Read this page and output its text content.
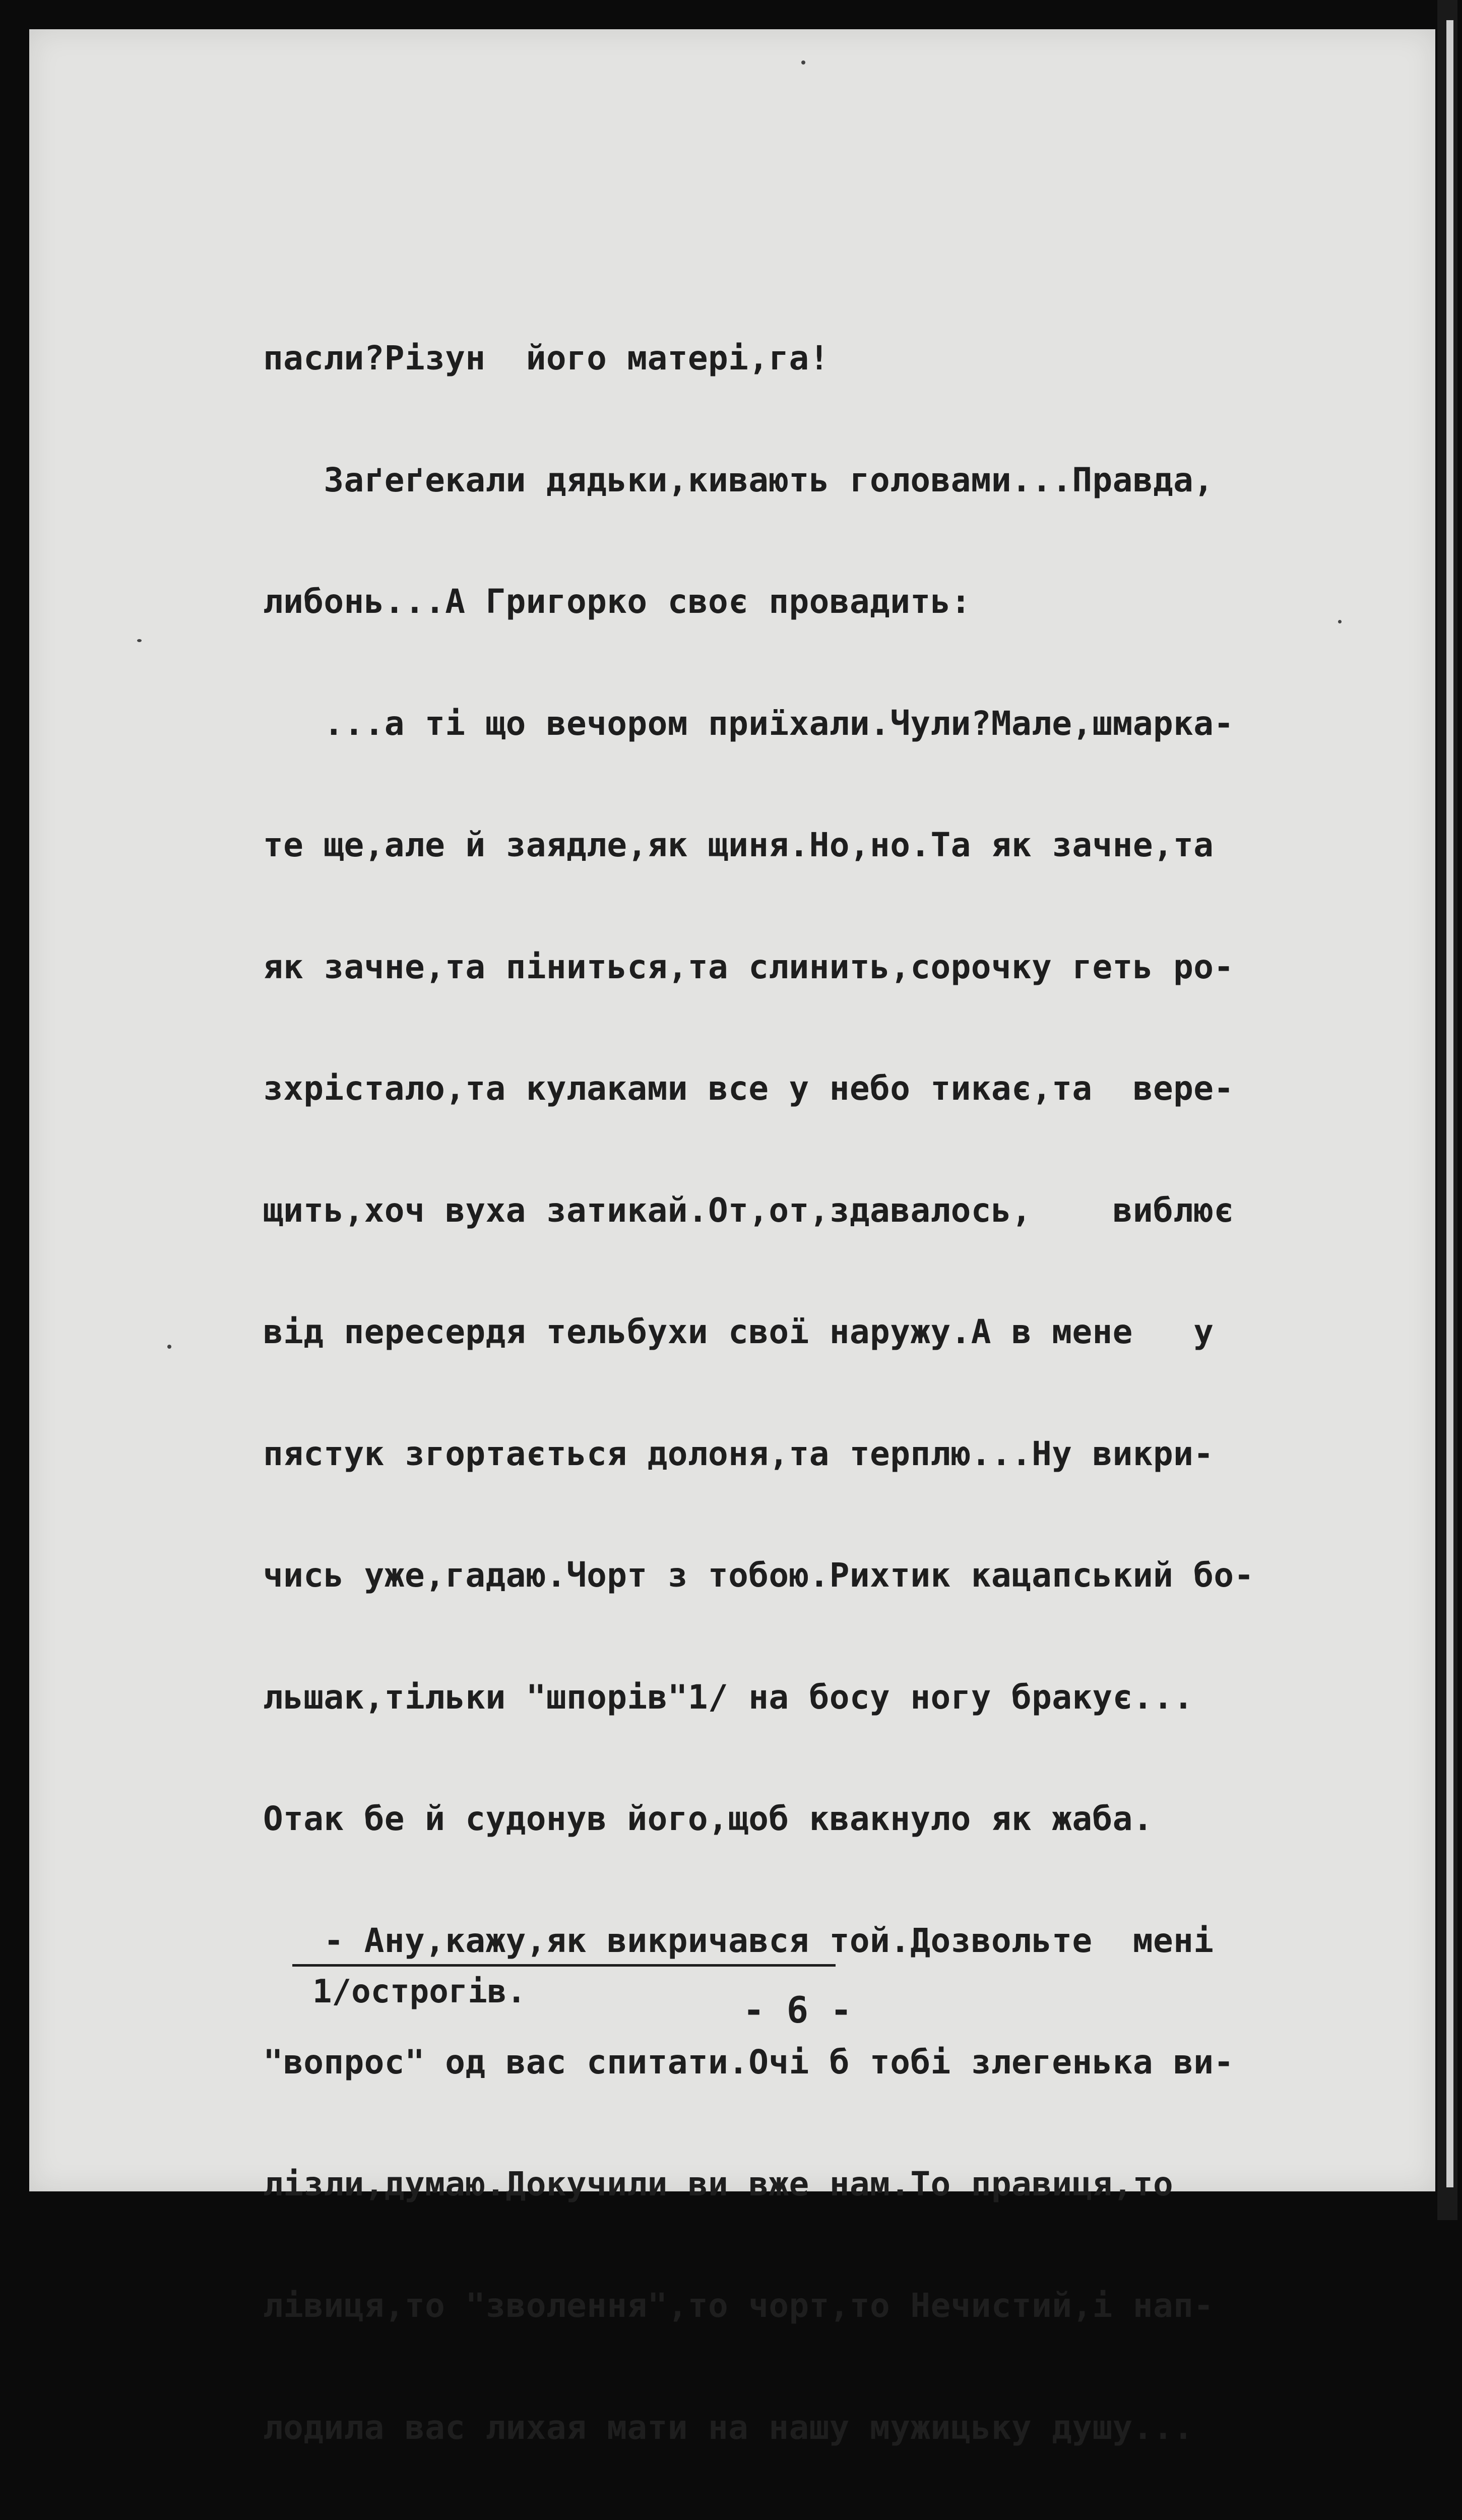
пасли?Різун  його матері,га!

Заґеґекали дядьки,кивають головами...Правда,

либонь...А Григорко своє провадить:

...а ті що вечором приїхали.Чули?Мале,шмарка-

те ще,але й заядле,як щиня.Но,но.Та як зачне,та

як зачне,та піниться,та слинить,сорочку геть ро-

зхрістало,та кулаками все у небо тикає,та  вере-

щить,хоч вуха затикай.От,от,здавалось,    виблює

від пересердя тельбухи свої наружу.А в мене   у

пястук згортається долоня,та терплю...Ну викри-

чись уже,гадаю.Чорт з тобою.Рихтик кацапський бо-

льшак,тільки "шпорів"1/ на босу ногу бракує...

Отак бе й судонув його,щоб квакнуло як жаба.

- Ану,кажу,як викричався той.Дозвольте  мені

"вопрос" од вас спитати.Очі б тобі злегенька ви-

лізли,думаю.Докучили ви вже нам.То правиця,то

лівиця,то "зволення",то чорт,то Нечистий,і нап-

лодила вас лихая мати на нашу мужицьку душу...

1/острогів.	- 6 -
